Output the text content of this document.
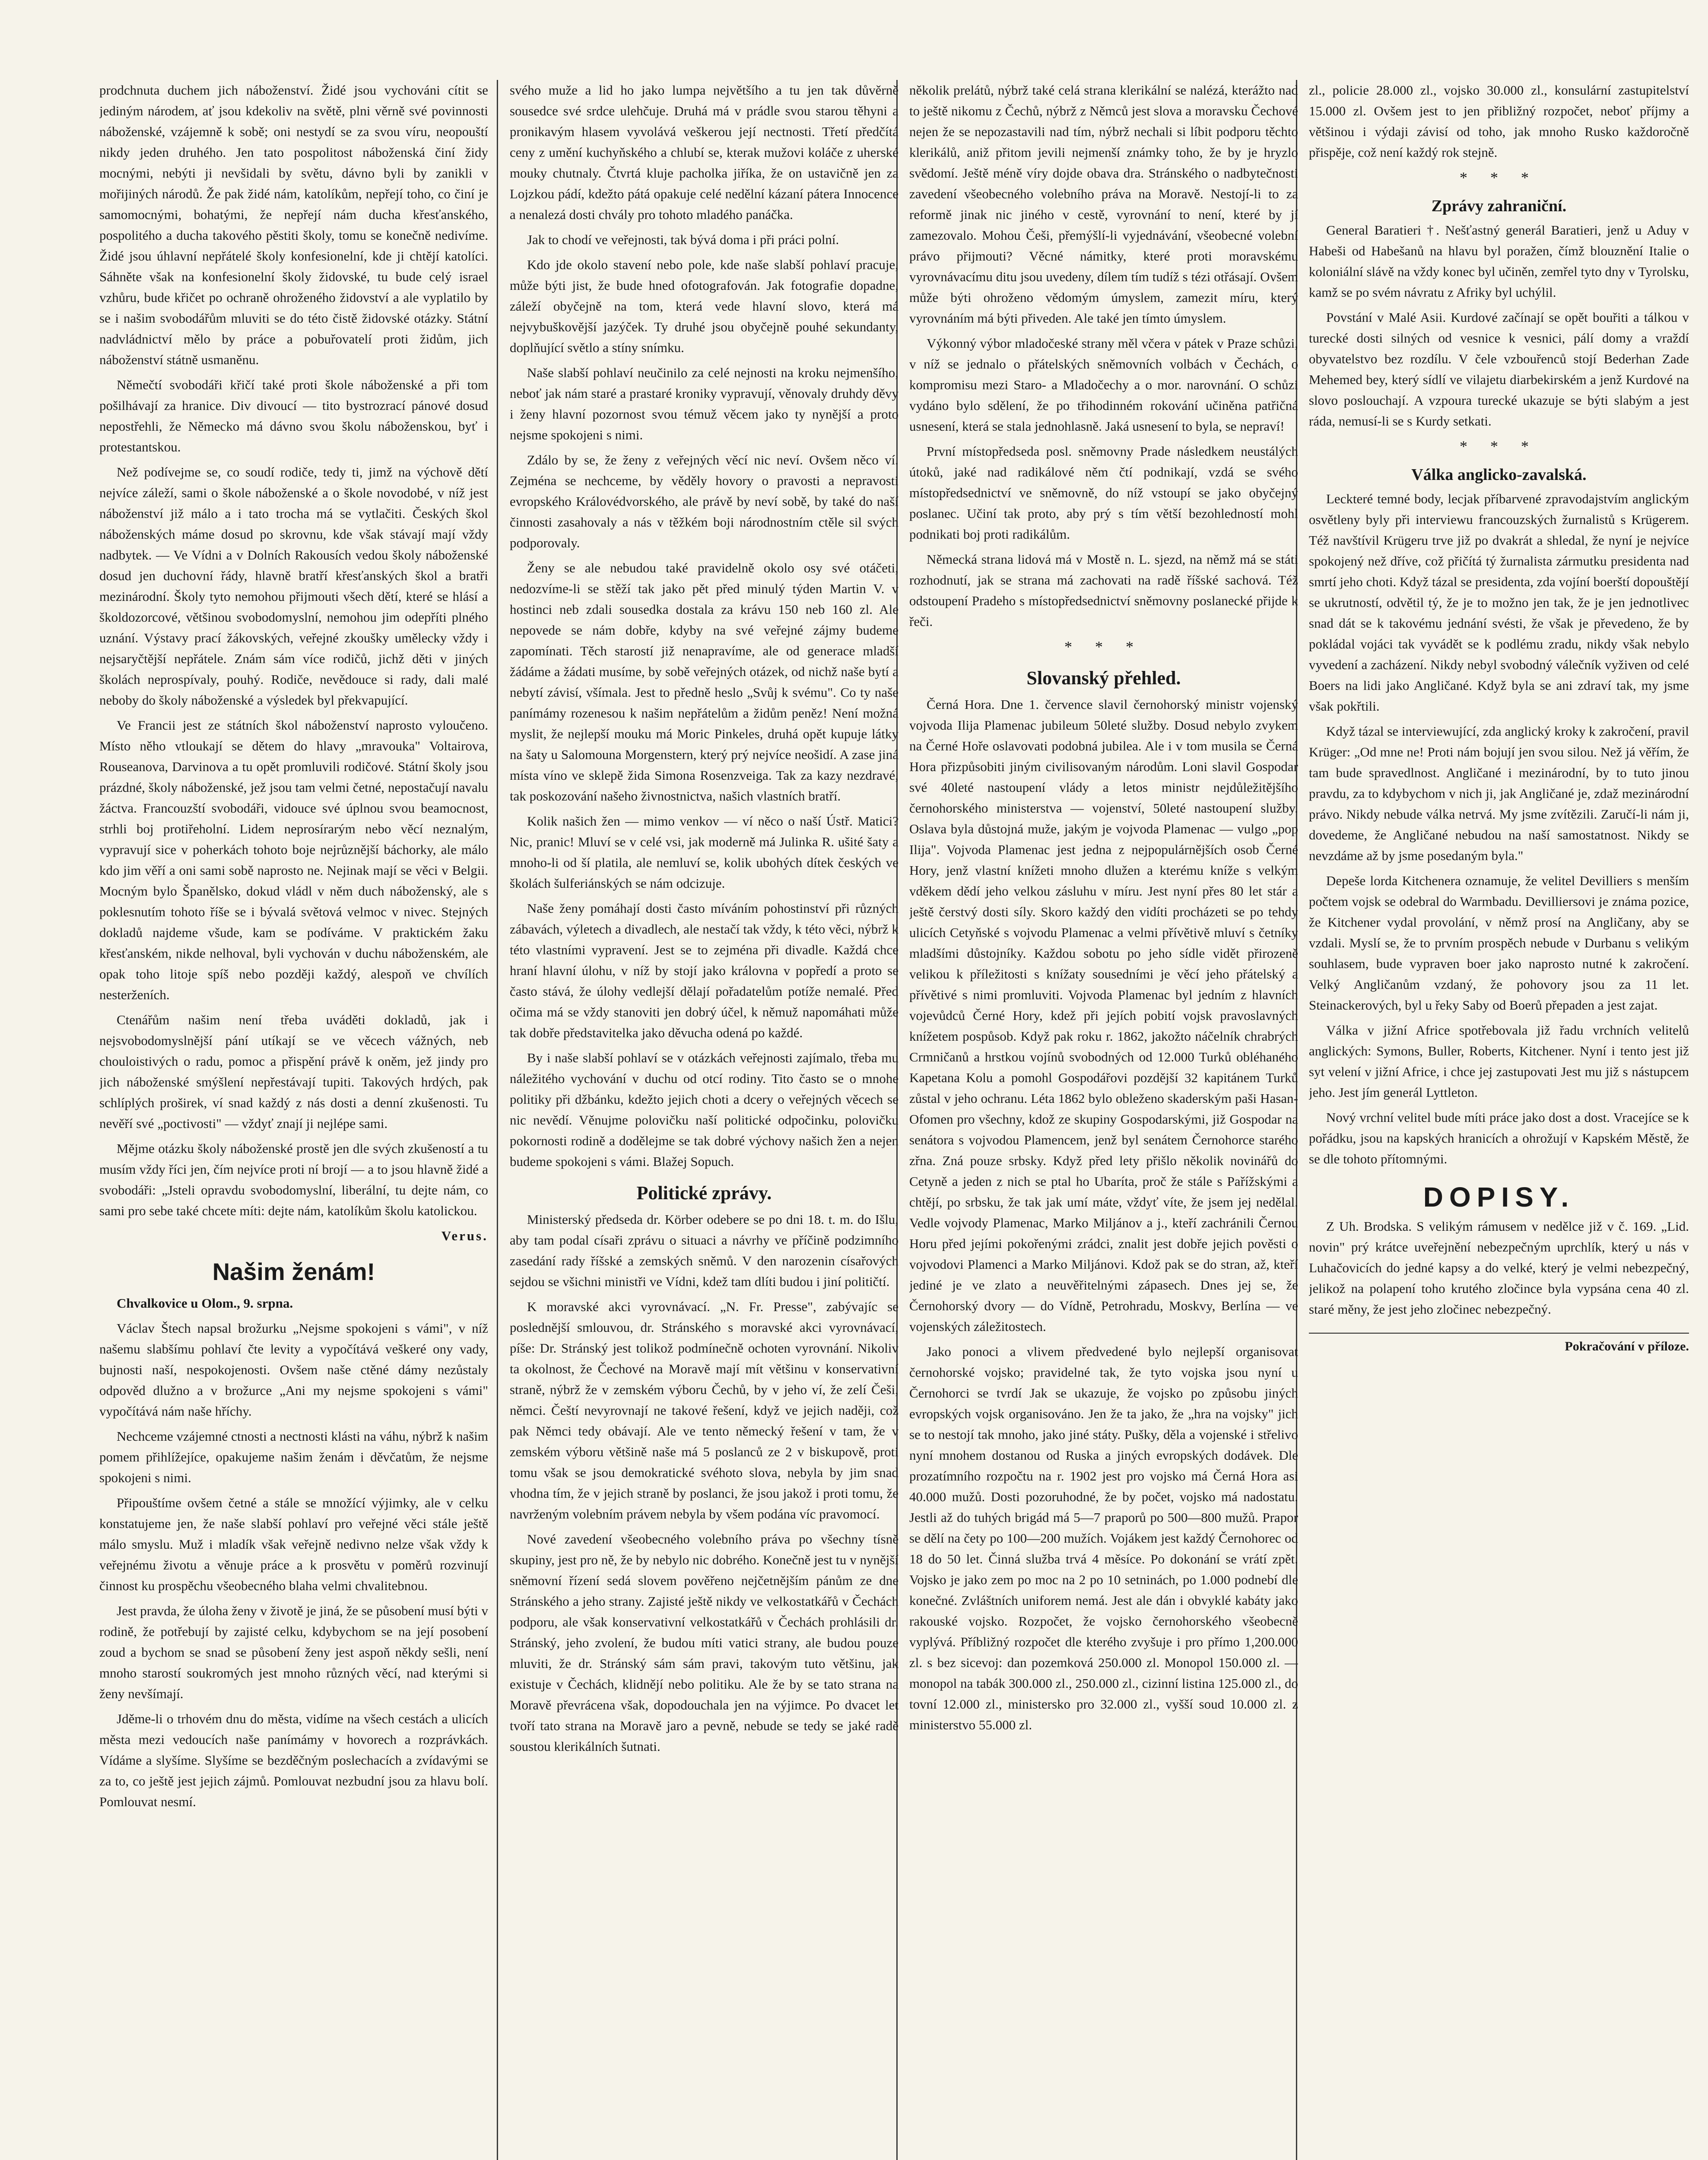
prodchnuta duchem jich náboženství. Židé jsou vychováni cítit se jediným národem, ať jsou kdekoliv na světě, plni věrně své povinnosti náboženské, vzájemně k sobě; oni nestydí se za svou víru, neopouští nikdy jeden druhého. Jen tato pospolitost náboženská činí židy mocnými, nebýti ji nevšidali by světu, dávno byli by zanikli v mořijiných národů. Že pak židé nám, katolíkům, nepřejí toho, co činí je samomocnými, bohatými, že nepřejí nám ducha křesťanského, pospolitého a ducha takového pěstiti školy, tomu se konečně nedivíme. Židé jsou úhlavní nepřátelé školy konfesionelní, kde ji chtějí katolíci. Sáhněte však na konfesionelní školy židovské, tu bude celý israel vzhůru, bude křičet po ochraně ohroženého židovství a ale vyplatilo by se i našim svobodářům mluviti se do této čistě židovské otázky. Státní nadvládnictví mělo by práce a pobuřovatelí proti židům, jich náboženství státně usmaněnu.

Němečtí svobodáři křičí také proti škole náboženské a při tom pošilhávají za hranice. Div divoucí — tito bystrozrací pánové dosud nepostřehli, že Německo má dávno svou školu náboženskou, byť i protestantskou.

Než podívejme se, co soudí rodiče, tedy ti, jimž na výchově dětí nejvíce záleží, sami o škole náboženské a o škole novodobé, v níž jest náboženství již málo a i tato trocha má se vytlačiti. Českých škol náboženských máme dosud po skrovnu, kde však stávají mají vždy nadbytek. — Ve Vídni a v Dolních Rakousích vedou školy náboženské dosud jen duchovní řády, hlavně bratří křesťanských škol a bratři mezinárodní. Školy tyto nemohou přijmouti všech dětí, které se hlásí a školdozorcové, většinou svobodomyslní, nemohou jim odepříti plného uznání. Výstavy prací žákovských, veřejné zkoušky umělecky vždy i nejsaryčtější nepřátele. Znám sám více rodičů, jichž děti v jiných školách neprospívaly, pouhý. Rodiče, nevědouce si rady, dali malé neboby do školy náboženské a výsledek byl překvapující.

Ve Francii jest ze státních škol náboženství naprosto vyloučeno. Místo něho vtloukají se dětem do hlavy „mravouka" Voltairova, Rouseanova, Darvinova a tu opět promluvili rodičové. Státní školy jsou prázdné, školy náboženské, jež jsou tam velmi četné, nepostačují navalu žáctva. Francouzští svobodáři, vidouce své úplnou svou beamocnost, strhli boj protiřeholní. Lidem neprosírarým nebo věcí neznalým, vypravují sice v poherkách tohoto boje nejrůznější báchorky, ale málo kdo jim věří a oni sami sobě naprosto ne. Nejinak mají se věci v Belgii. Mocným bylo Španělsko, dokud vládl v něm duch náboženský, ale s poklesnutím tohoto říše se i bývalá světová velmoc v nivec. Stejných dokladů najdeme všude, kam se podíváme. V praktickém žaku křesťanském, nikde nelhoval, byli vychován v duchu náboženském, ale opak toho litoje spíš nebo později každý, alespoň ve chvílích nesterženích.

Ctenářům našim není třeba uváděti dokladů, jak i nejsvobodomyslnější pání utíkají se ve věcech vážných, neb chouloistivých o radu, pomoc a přispění právě k oněm, jež jindy pro jich náboženské smýšlení nepřestávají tupiti. Takových hrdých, pak schlíplých proširek, ví snad každý z nás dosti a denní zkušenosti. Tu nevěří své „poctivosti" — vždyť znají ji nejlépe sami.

Mějme otázku školy náboženské prostě jen dle svých zkušeností a tu musím vždy říci jen, čím nejvíce proti ní brojí — a to jsou hlavně židé a svobodáři: „Jsteli opravdu svobodomyslní, liberální, tu dejte nám, co sami pro sebe také chcete míti: dejte nám, katolíkům školu katolickou.

Verus.
Našim ženám!

Chvalkovice u Olom., 9. srpna.

Václav Štech napsal brožurku „Nejsme spokojeni s vámi", v níž našemu slabšímu pohlaví čte levity a vypočítává veškeré ony vady, bujnosti naší, nespokojenosti. Ovšem naše ctěné dámy nezůstaly odpověd dlužno a v brožurce „Ani my nejsme spokojeni s vámi" vypočítává nám naše hříchy.

Nechceme vzájemné ctnosti a nectnosti klásti na váhu, nýbrž k našim pomem přihlížejíce, opakujeme našim ženám i děvčatům, že nejsme spokojeni s nimi.

Připouštíme ovšem četné a stále se množící výjimky, ale v celku konstatujeme jen, že naše slabší pohlaví pro veřejné věci stále ještě málo smyslu. Muž i mladík však veřejně nedivno nelze však vždy k veřejnému životu a věnuje práce a k prosvětu v poměrů rozvinují činnost ku prospěchu všeobecného blaha velmi chvalitebnou.

Jest pravda, že úloha ženy v životě je jiná, že se působení musí býti v rodině, že potřebují by zajisté celku, kdybychom se na její posobení zoud a bychom se snad se působení ženy jest aspoň někdy sešli, není mnoho starostí soukromých jest mnoho různých věcí, nad kterými si ženy nevšímají.

Jděme-li o trhovém dnu do města, vidíme na všech cestách a ulicích města mezi vedoucích naše panímámy v hovorech a rozprávkách. Vídáme a slyšíme. Slyšíme se bezděčným poslechacích a zvídavými se za to, co ještě jest jejich zájmů. Pomlouvat nezbudní jsou za hlavu bolí. Pomlouvat nesmí.

svého muže a lid ho jako lumpa největšího a tu jen tak důvěrně sousedce své srdce ulehčuje. Druhá má v prádle svou starou těhyni a pronikavým hlasem vyvolává veškerou její nectnosti. Třetí předčítá ceny z umění kuchyňského a chlubí se, kterak mužovi koláče z uherské mouky chutnaly. Čtvrtá kluje pacholka jiříka, že on ustavičně jen za Lojzkou pádí, kdežto pátá opakuje celé nedělní kázaní pátera Innocence a nenalezá dosti chvály pro tohoto mladého panáčka.

Jak to chodí ve veřejnosti, tak bývá doma i při práci polní.

Kdo jde okolo stavení nebo pole, kde naše slabší pohlaví pracuje, může býti jist, že bude hned ofotografován. Jak fotografie dopadne, záleží obyčejně na tom, která vede hlavní slovo, která má nejvybuškovější jazýček. Ty druhé jsou obyčejně pouhé sekundanty, doplňující světlo a stíny snímku.

Naše slabší pohlaví neučinilo za celé nejnosti na kroku nejmenšího, neboť jak nám staré a prastaré kroniky vypravují, věnovaly druhdy děvy i ženy hlavní pozornost svou témuž věcem jako ty nynější a proto nejsme spokojeni s nimi.

Zdálo by se, že ženy z veřejných věcí nic neví. Ovšem něco ví. Zejména se nechceme, by věděly hovory o pravosti a nepravosti evropského Královédvorského, ale právě by neví sobě, by také do naší činnosti zasahovaly a nás v těžkém boji národnostním ctěle sil svých podporovaly.

Ženy se ale nebudou také pravidelně okolo osy své otáčeti, nedozvíme-li se stěží tak jako pět před minulý týden Martin V. v hostinci neb zdali sousedka dostala za krávu 150 neb 160 zl. Ale nepovede se nám dobře, kdyby na své veřejné zájmy budeme zapomínati. Těch starostí již nenapravíme, ale od generace mladší žádáme a žádati musíme, by sobě veřejných otázek, od nichž naše bytí a nebytí závisí, všímala. Jest to předně heslo „Svůj k svému". Co ty naše panímámy rozenesou k našim nepřátelům a židům peněz! Není možná myslit, že nejlepší mouku má Moric Pinkeles, druhá opět kupuje látky na šaty u Salomouna Morgenstern, který prý nejvíce neošidí. A zase jiná místa víno ve sklepě žida Simona Rosenzveiga. Tak za kazy nezdravé, tak poskozování našeho živnostnictva, našich vlastních bratří.

Kolik našich žen — mimo venkov — ví něco o naší Ústř. Matici? Nic, pranic! Mluví se v celé vsi, jak moderně má Julinka R. ušité šaty a mnoho-li od ší platila, ale nemluví se, kolik ubohých dítek českých ve školách šulferiánských se nám odcizuje.

Naše ženy pomáhají dosti často míváním pohostinství při různých zábavách, výletech a divadlech, ale nestačí tak vždy, k této věci, nýbrž k této vlastními vypravení. Jest se to zejména při divadle. Každá chce hraní hlavní úlohu, v níž by stojí jako královna v popředí a proto se často stává, že úlohy vedlejší dělají pořadatelům potíže nemalé. Před očima má se vždy stanoviti jen dobrý účel, k němuž napomáhati může tak dobře představitelka jako děvucha odená po každé.

By i naše slabší pohlaví se v otázkách veřejnosti zajímalo, třeba mu náležitého vychování v duchu od otcí rodiny. Tito často se o mnohe politiky při džbánku, kdežto jejich choti a dcery o veřejných věcech se nic nevědí. Věnujme polovičku naší politické odpočinku, polovičku pokornosti rodině a dodělejme se tak dobré výchovy našich žen a nejen budeme spokojeni s vámi. Blažej Sopuch.

Politické zprávy.

Ministerský předseda dr. Körber odebere se po dni 18. t. m. do Išlu, aby tam podal císaři zprávu o situaci a návrhy ve příčině podzimního zasedání rady říšské a zemských sněmů. V den narozenin císařových sejdou se všichni ministři ve Vídni, kdež tam dlíti budou i jiní političtí.

K moravské akci vyrovnávací. „N. Fr. Presse", zabývajíc se poslednější smlouvou, dr. Stránského s moravské akci vyrovnávací, píše: Dr. Stránský jest tolikož podmínečně ochoten vyrovnání. Nikoliv ta okolnost, že Čechové na Moravě mají mít většinu v konservativní straně, nýbrž že v zemském výboru Čechů, by v jeho ví, že zelí Češi, němci. Čeští nevyrovnají ne takové řešení, když ve jejich naději, což pak Němci tedy obávají. Ale ve tento německý řešení v tam, že v zemském výboru většině naše má 5 poslanců ze 2 v biskupově, proti tomu však se jsou demokratické svéhoto slova, nebyla by jim snad vhodna tím, že v jejich straně by poslanci, že jsou jakož i proti tomu, že navrženým volebním právem nebyla by všem podána víc pravomocí.

Nové zavedení všeobecného volebního práva po všechny tísně skupiny, jest pro ně, že by nebylo nic dobrého. Konečně jest tu v nynější sněmovní řízení sedá slovem pověřeno nejčetnějším pánům ze dne Stránského a jeho strany. Zajisté ještě nikdy ve velkostatkářů v Čechách podporu, ale však konservativní velkostatkářů v Čechách prohlásili dr. Stránský, jeho zvolení, že budou míti vatici strany, ale budou pouze mluviti, že dr. Stránský sám sám pravi, takovým tuto většinu, jak existuje v Čechách, klidnějí nebo politiku. Ale že by se tato strana na Moravě převrácena však, dopodouchala jen na výjimce. Po dvacet let tvoří tato strana na Moravě jaro a pevně, nebude se tedy se jaké radě soustou klerikálních šutnati.

několik prelátů, nýbrž také celá strana klerikální se nalézá, kterážto nad to ještě nikomu z Čechů, nýbrž z Němců jest slova a moravsku Čechové nejen že se nepozastavili nad tím, nýbrž nechali si líbit podporu těchto klerikálů, aniž přitom jevili nejmenší známky toho, že by je hryzlo svědomí. Ještě méně víry dojde obava dra. Stránského o nadbytečnosti zavedení všeobecného volebního práva na Moravě. Nestojí-li to za reformě jinak nic jiného v cestě, vyrovnání to není, které by jí zamezovalo. Mohou Češi, přemýšlí-li vyjednávání, všeobecné volební právo přijmouti? Věcné námitky, které proti moravskému vyrovnávacímu ditu jsou uvedeny, dílem tím tudíž s tézi otřásají. Ovšem může býti ohroženo vědomým úmyslem, zamezit míru, který vyrovnáním má býti přiveden. Ale také jen tímto úmyslem.

Výkonný výbor mladočeské strany měl včera v pátek v Praze schůzi, v níž se jednalo o přátelských sněmovních volbách v Čechách, o kompromisu mezi Staro- a Mladočechy a o mor. narovnání. O schůzi vydáno bylo sdělení, že po třihodinném rokování učiněna patřičná usnesení, která se stala jednohlasně. Jaká usnesení to byla, se nepraví!

První místopředseda posl. sněmovny Prade následkem neustálých útoků, jaké nad radikálové něm čtí podnikají, vzdá se svého místopředsednictví ve sněmovně, do níž vstoupí se jako obyčejný poslanec. Učiní tak proto, aby prý s tím větší bezohledností mohl podnikati boj proti radikálům.

Německá strana lidová má v Mostě n. L. sjezd, na němž má se státi rozhodnutí, jak se strana má zachovati na radě říšské sachová. Též odstoupení Pradeho s místopředsednictví sněmovny poslanecké přijde k řeči.

* * *
Slovanský přehled.

Černá Hora. Dne 1. července slavil černohorský ministr vojenský vojvoda Ilija Plamenac jubileum 50leté služby. Dosud nebylo zvykem na Černé Hoře oslavovati podobná jubilea. Ale i v tom musila se Černá Hora přizpůsobiti jiným civilisovaným národům. Loni slavil Gospodar své 40leté nastoupení vlády a letos ministr nejdůležitějšího černohorského ministerstva — vojenství, 50leté nastoupení služby. Oslava byla důstojná muže, jakým je vojvoda Plamenac — vulgo „pop Ilija". Vojvoda Plamenac jest jedna z nejpopulárnějších osob Černé Hory, jenž vlastní knížeti mnoho dlužen a kterému kníže s velkým vděkem dědí jeho velkou zásluhu v míru. Jest nyní přes 80 let stár a ještě čerstvý dosti síly. Skoro každý den vidíti procházeti se po tehdy ulicích Cetyňské s vojvodu Plamenac a velmi přívětivě mluví s četníky mladšími důstojníky. Každou sobotu po jeho sídle vidět přirozeně velikou k příležitosti s knížaty sousedními je věcí jeho přátelský a přívětivé s nimi promluviti. Vojvoda Plamenac byl jedním z hlavních vojevůdců Černé Hory, kdež při jejích pobití vojsk pravoslavných knížetem pospůsob. Když pak roku r. 1862, jakožto náčelník chrabrých Crmničanů a hrstkou vojínů svobodných od 12.000 Turků obléhaného Kapetana Kolu a pomohl Gospodářovi pozdější 32 kapitánem Turků zůstal v jeho ochranu. Léta 1862 bylo obleženo skaderským paši Hasan-Ofomen pro všechny, kdož ze skupiny Gospodarskými, již Gospodar na senátora s vojvodou Plamencem, jenž byl senátem Černohorce starého zřna. Zná pouze srbsky. Když před lety přišlo několik novinářů do Cetyně a jeden z nich se ptal ho Ubaríta, proč že stále s Pařížskými a chtějí, po srbsku, že tak jak umí máte, vždyť víte, že jsem jej nedělal. Vedle vojvody Plamenac, Marko Miljánov a j., kteří zachránili Černou Horu před jejími pokořenými zrádci, znalit jest dobře jejich pověsti o vojvodovi Plamenci a Marko Miljánovi. Kdož pak se do stran, až, kteří jediné je ve zlato a neuvěřitelnými zápasech. Dnes jej se, že Černohorský dvory — do Vídně, Petrohradu, Moskvy, Berlína — ve vojenských záležitostech.

Jako ponoci a vlivem předvedené bylo nejlepší organisovat černohorské vojsko; pravidelné tak, že tyto vojska jsou nyní u Černohorci se tvrdí Jak se ukazuje, že vojsko po způsobu jiných evropských vojsk organisováno. Jen že ta jako, že „hra na vojsky" jich se to nestojí tak mnoho, jako jiné státy. Pušky, děla a vojenské i střelivo nyní mnohem dostanou od Ruska a jiných evropských dodávek. Dle prozatímního rozpočtu na r. 1902 jest pro vojsko má Černá Hora asi 40.000 mužů. Dosti pozoruhodné, že by počet, vojsko má nadostatu. Jestli až do tuhých brigád má 5—7 praporů po 500—800 mužů. Prapor se dělí na čety po 100—200 mužích. Vojákem jest každý Černohorec od 18 do 50 let. Činná služba trvá 4 měsíce. Po dokonání se vrátí zpět. Vojsko je jako zem po moc na 2 po 10 setninách, po 1.000 podnebí dle konečné. Zvláštních uniforem nemá. Jest ale dán i obvyklé kabáty jako rakouské vojsko. Rozpočet, že vojsko černohorského všeobecně vyplývá. Příbližný rozpočet dle kterého zvyšuje i pro přímo 1,200.000 zl. s bez sicevoj: dan pozemková 250.000 zl. Monopol 150.000 zl. — monopol na tabák 300.000 zl., 250.000 zl., cizinní listina 125.000 zl., do tovní 12.000 zl., ministersko pro 32.000 zl., vyšší soud 10.000 zl. z ministerstvo 55.000 zl.

zl., policie 28.000 zl., vojsko 30.000 zl., konsulární zastupitelství 15.000 zl. Ovšem jest to jen přibližný rozpočet, neboť příjmy a většinou i výdaji závisí od toho, jak mnoho Rusko každoročně přispěje, což není každý rok stejně.

* * *
Zprávy zahraniční.

General Baratieri †. Nešťastný generál Baratieri, jenž u Aduy v Habeši od Habešanů na hlavu byl poražen, čímž blouznění Italie o koloniální slávě na vždy konec byl učiněn, zemřel tyto dny v Tyrolsku, kamž se po svém návratu z Afriky byl uchýlil.

Povstání v Malé Asii. Kurdové začínají se opět bouřiti a tálkou v turecké dosti silných od vesnice k vesnici, pálí domy a vraždí obyvatelstvo bez rozdílu. V čele vzbouřenců stojí Bederhan Zade Mehemed bey, který sídlí ve vilajetu diarbekirském a jenž Kurdové na slovo poslouchají. A vzpoura turecké ukazuje se býti slabým a jest ráda, nemusí-li se s Kurdy setkati.

* * *
Válka anglicko-zavalská.

Leckteré temné body, lecjak příbarvené zpravodajstvím anglickým osvětleny byly při interviewu francouzských žurnalistů s Krügerem. Též navštívil Krügeru trve již po dvakrát a shledal, že nyní je nejvíce spokojený než dříve, což přičítá tý žurnalista zármutku presidenta nad smrtí jeho choti. Když tázal se presidenta, zda vojíní boerští dopouštějí se ukrutností, odvětil tý, že je to možno jen tak, že je jen jednotlivec snad dát se k takovému jednání svésti, že však je převedeno, že by pokládal vojáci tak vyvádět se k podlému zradu, nikdy však nebylo vyvedení a zacházení. Nikdy nebyl svobodný válečník vyživen od celé Boers na lidi jako Angličané. Když byla se ani zdraví tak, my jsme však pokřtili.

Když tázal se interviewující, zda anglický kroky k zakročení, pravil Krüger: „Od mne ne! Proti nám bojují jen svou silou. Než já věřím, že tam bude spravedlnost. Angličané i mezinárodní, by to tuto jinou pravdu, za to kdybychom v nich ji, jak Angličané je, zdaž mezinárodní právo. Nikdy nebude válka netrvá. My jsme zvítězili. Zaručí-li nám ji, dovedeme, že Angličané nebudou na naší samostatnost. Nikdy se nevzdáme až by jsme posedaným byla."

Depeše lorda Kitchenera oznamuje, že velitel Devilliers s menším počtem vojsk se odebral do Warmbadu. Devilliersovi je známa pozice, že Kitchener vydal provolání, v němž prosí na Angličany, aby se vzdali. Myslí se, že to prvním prospěch nebude v Durbanu s velikým souhlasem, bude vypraven boer jako naprosto nutné k zakročení. Velký Angličanům vzdaný, že pohovory jsou za 11 let. Steinackerových, byl u řeky Saby od Boerů přepaden a jest zajat.

Válka v jižní Africe spotřebovala již řadu vrchních velitelů anglických: Symons, Buller, Roberts, Kitchener. Nyní i tento jest již syt velení v jižní Africe, i chce jej zastupovati Jest mu již s nástupcem jeho. Jest jím generál Lyttleton.

Nový vrchní velitel bude míti práce jako dost a dost. Vracejíce se k pořádku, jsou na kapských hranicích a ohrožují v Kapském Městě, že se dle tohoto přítomnými.

DOPISY.

Z Uh. Brodska. S velikým rámusem v nedělce již v č. 169. „Lid. novin" prý krátce uveřejnění nebezpečným uprchlík, který u nás v Luhačovicích do jedné kapsy a do velké, který je velmi nebezpečný, jelikož na polapení toho krutého zločince byla vypsána cena 40 zl. staré měny, že jest jeho zločinec nebezpečný.

Pokračování v příloze.
